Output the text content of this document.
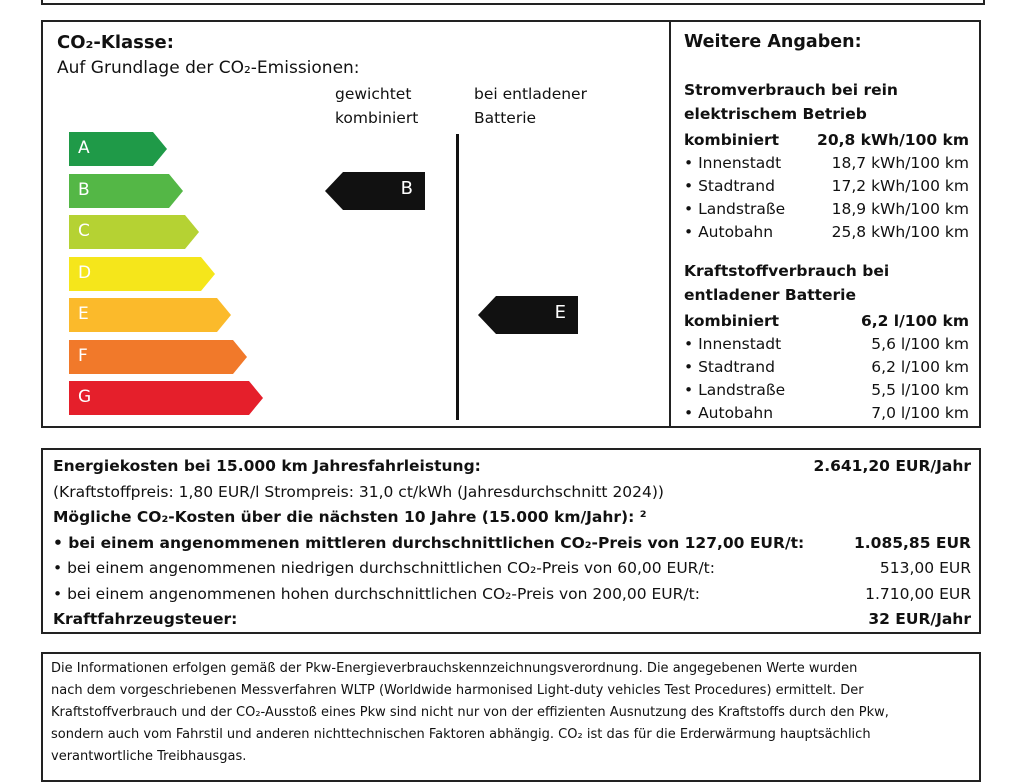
CO₂-Klasse:
Auf Grundlage der CO₂-Emissionen:
gewichtet
kombiniert
bei entladener
Batterie
A
B
C
D
E
F
G
B
E
Weitere Angaben:
Stromverbrauch bei rein elektrischem Betrieb
kombiniert 20,8 kWh/100 km
• Innenstadt	18,7 kWh/100 km
• Stadtrand	17,2 kWh/100 km
• Landstraße	18,9 kWh/100 km
• Autobahn	25,8 kWh/100 km
Kraftstoffverbrauch bei entladener Batterie
kombiniert	6,2 l/100 km
• Innenstadt	5,6 l/100 km
• Stadtrand	6,2 l/100 km
• Landstraße	5,5 l/100 km
• Autobahn	7,0 l/100 km
Energiekosten bei 15.000 km Jahresfahrleistung:	2.641,20 EUR/Jahr
(Kraftstoffpreis: 1,80 EUR/l Strompreis: 31,0 ct/kWh (Jahresdurchschnitt 2024))
Mögliche CO₂-Kosten über die nächsten 10 Jahre (15.000 km/Jahr): ²
• bei einem angenommenen mittleren durchschnittlichen CO₂-Preis von 127,00 EUR/t:	1.085,85 EUR
• bei einem angenommenen niedrigen durchschnittlichen CO₂-Preis von 60,00 EUR/t:	513,00 EUR
• bei einem angenommenen hohen durchschnittlichen CO₂-Preis von 200,00 EUR/t:	1.710,00 EUR
Kraftfahrzeugsteuer:	32 EUR/Jahr
Die Informationen erfolgen gemäß der Pkw-Energieverbrauchskennzeichnungsverordnung. Die angegebenen Werte wurden
nach dem vorgeschriebenen Messverfahren WLTP (Worldwide harmonised Light-duty vehicles Test Procedures) ermittelt. Der
Kraftstoffverbrauch und der CO₂-Ausstoß eines Pkw sind nicht nur von der effizienten Ausnutzung des Kraftstoffs durch den Pkw,
sondern auch vom Fahrstil und anderen nichttechnischen Faktoren abhängig. CO₂ ist das für die Erderwärmung hauptsächlich
verantwortliche Treibhausgas.
